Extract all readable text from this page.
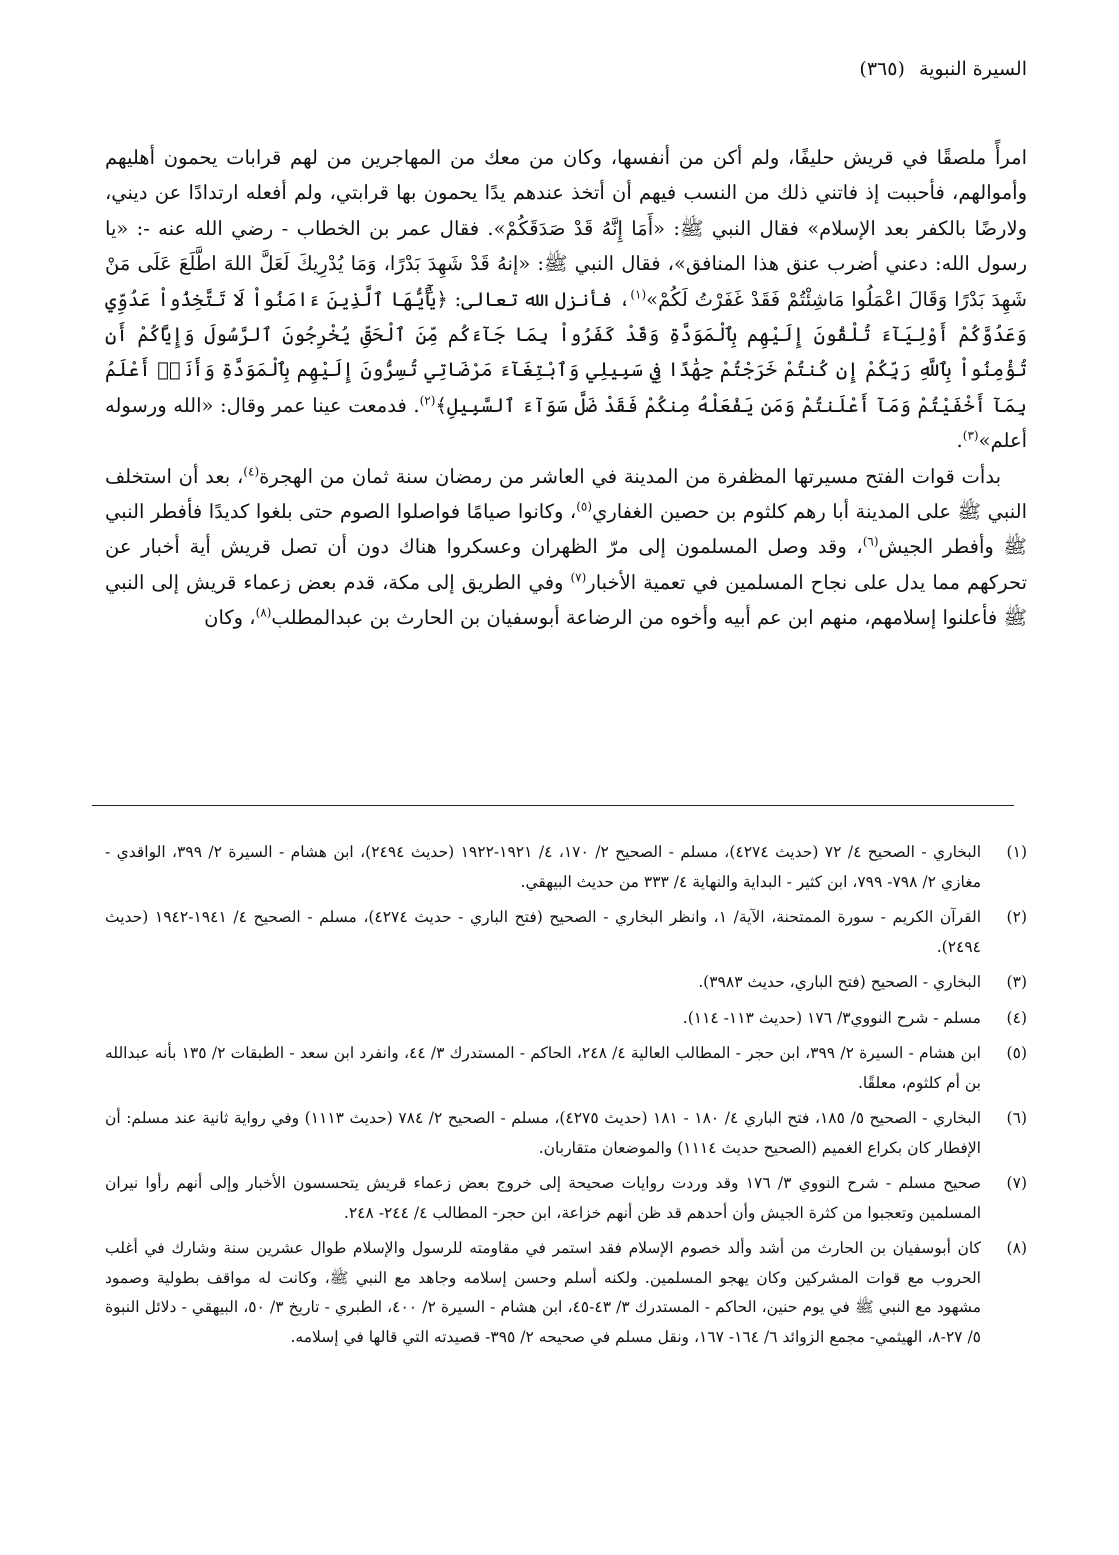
السيرة النبوية (٣٦٥)

امرأً ملصقًا في قريش حليفًا، ولم أكن من أنفسها، وكان من معك من المهاجرين من لهم قرابات يحمون أهليهم وأموالهم، فأحببت إذ فاتني ذلك من النسب فيهم أن أتخذ عندهم يدًا يحمون بها قرابتي، ولم أفعله ارتدادًا عن ديني، ولارضًا بالكفر بعد الإسلام» فقال النبي ﷺ: «أَمَا إِنَّهُ قَدْ صَدَقَكُمْ». فقال عمر بن الخطاب - رضي الله عنه -: «يا رسول الله: دعني أضرب عنق هذا المنافق»، فقال النبي ﷺ: «إنهُ قَدْ شَهِدَ بَدْرًا، وَمَا يُدْرِيكَ لَعَلَّ اللهَ اطَّلَعَ عَلَى مَنْ شَهِدَ بَدْرًا وَقَالَ اعْمَلُوا مَاشِئْتُمْ فَقَدْ غَفَرْتُ لَكُمْ»$^{(١)}$، فأنزل الله تعالى: ﴿يَٰٓأَيُّهَا ٱلَّذِينَ ءَامَنُواْ لَا تَتَّخِذُواْ عَدُوِّي وَعَدُوَّكُمْ أَوْلِيَآءَ تُلْقُونَ إِلَيْهِم بِٱلْمَوَدَّةِ وَقَدْ كَفَرُواْ بِمَا جَآءَكُم مِّنَ ٱلْحَقِّ يُخْرِجُونَ ٱلرَّسُولَ وَإِيَّاكُمْ أَن تُؤْمِنُواْ بِٱللَّهِ رَبِّكُمْ إِن كُنتُمْ خَرَجْتُمْ جِهَٰدًا فِي سَبِيلِي وَٱبْتِغَآءَ مَرْضَاتِي تُسِرُّونَ إِلَيْهِم بِٱلْمَوَدَّةِ وَأَنَا۠ أَعْلَمُ بِمَآ أَخْفَيْتُمْ وَمَآ أَعْلَنتُمْ وَمَن يَفْعَلْهُ مِنكُمْ فَقَدْ ضَلَّ سَوَآءَ ٱلسَّبِيلِ﴾$^{(٢)}$. فدمعت عينا عمر وقال: «الله ورسوله أعلم»$^{(٣)}$.

بدأت قوات الفتح مسيرتها المظفرة من المدينة في العاشر من رمضان سنة ثمان من الهجرة$^{(٤)}$، بعد أن استخلف النبي ﷺ على المدينة أبا رهم كلثوم بن حصين الغفاري$^{(٥)}$، وكانوا صيامًا فواصلوا الصوم حتى بلغوا كديدًا فأفطر النبي ﷺ وأفطر الجيش$^{(٦)}$، وقد وصل المسلمون إلى مرّ الظهران وعسكروا هناك دون أن تصل قريش أية أخبار عن تحركهم مما يدل على نجاح المسلمين في تعمية الأخبار$^{(٧)}$ وفي الطريق إلى مكة، قدم بعض زعماء قريش إلى النبي ﷺ فأعلنوا إسلامهم، منهم ابن عم أبيه وأخوه من الرضاعة أبوسفيان بن الحارث بن عبدالمطلب$^{(٨)}$، وكان

(١)
البخاري - الصحيح ٤/ ٧٢ (حديث ٤٢٧٤)، مسلم - الصحيح ٢/ ١٧٠، ٤/ ١٩٢١-١٩٢٢ (حديث ٢٤٩٤)، ابن هشام - السيرة ٢/ ٣٩٩، الواقدي - مغازي ٢/ ٧٩٨- ٧٩٩، ابن كثير - البداية والنهاية ٤/ ٣٣٣ من حديث البيهقي.
(٢)
القرآن الكريم - سورة الممتحنة، الآية/ ١، وانظر البخاري - الصحيح (فتح الباري - حديث ٤٢٧٤)، مسلم - الصحيح ٤/ ١٩٤١-١٩٤٢ (حديث ٢٤٩٤).
(٣)
البخاري - الصحيح (فتح الباري، حديث ٣٩٨٣).
(٤)
مسلم - شرح النووي٣/ ١٧٦ (حديث ١١٣- ١١٤).
(٥)
ابن هشام - السيرة ٢/ ٣٩٩، ابن حجر - المطالب العالية ٤/ ٢٤٨، الحاكم - المستدرك ٣/ ٤٤، وانفرد ابن سعد - الطبقات ٢/ ١٣٥ بأنه عبدالله بن أم كلثوم، معلقًا.
(٦)
البخاري - الصحيح ٥/ ١٨٥، فتح الباري ٤/ ١٨٠ - ١٨١ (حديث ٤٢٧٥)، مسلم - الصحيح ٢/ ٧٨٤ (حديث ١١١٣) وفي رواية ثانية عند مسلم: أن الإفطار كان بكراع الغميم (الصحيح حديث ١١١٤) والموضعان متقاربان.
(٧)
صحيح مسلم - شرح النووي ٣/ ١٧٦ وقد وردت روايات صحيحة إلى خروج بعض زعماء قريش يتحسسون الأخبار وإلى أنهم رأوا نيران المسلمين وتعجبوا من كثرة الجيش وأن أحدهم قد ظن أنهم خزاعة، ابن حجر- المطالب ٤/ ٢٤٤- ٢٤٨.
(٨)
كان أبوسفيان بن الحارث من أشد وألد خصوم الإسلام فقد استمر في مقاومته للرسول والإسلام طوال عشرين سنة وشارك في أغلب الحروب مع قوات المشركين وكان يهجو المسلمين. ولكنه أسلم وحسن إسلامه وجاهد مع النبي ﷺ، وكانت له مواقف بطولية وصمود مشهود مع النبي ﷺ في يوم حنين، الحاكم - المستدرك ٣/ ٤٣-٤٥، ابن هشام - السيرة ٢/ ٤٠٠، الطبري - تاريخ ٣/ ٥٠، البيهقي - دلائل النبوة ٥/ ٢٧-٨، الهيثمي- مجمع الزوائد ٦/ ١٦٤- ١٦٧، ونقل مسلم في صحيحه ٢/ ٣٩٥- قصيدته التي قالها في إسلامه.
